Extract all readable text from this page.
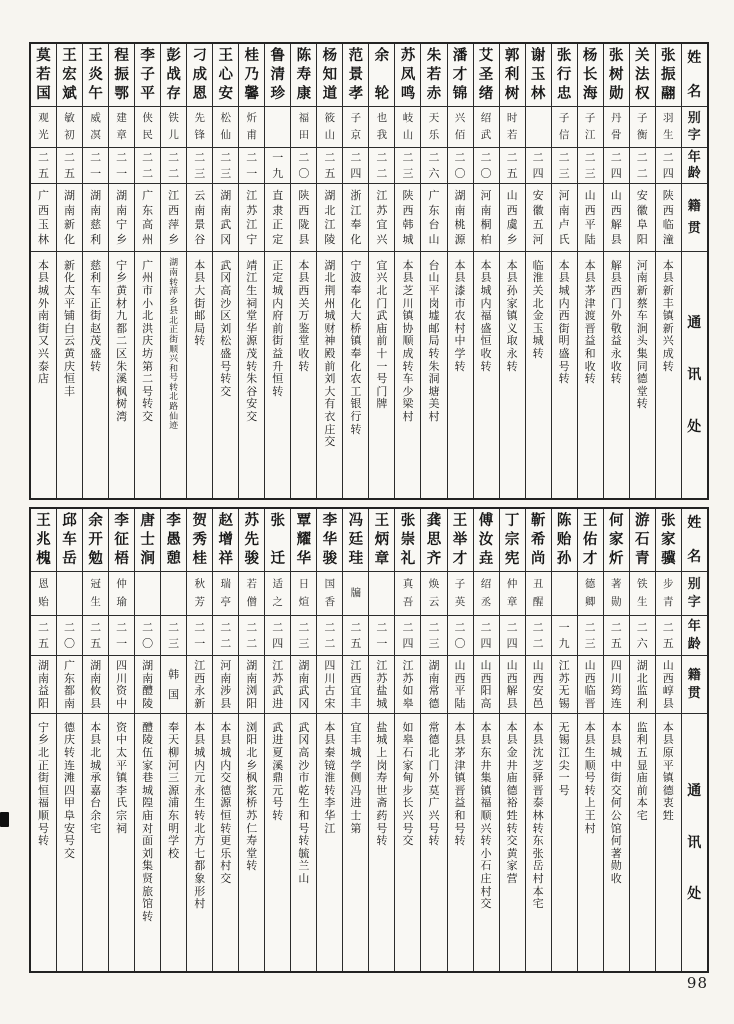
莫
若
国
观
光
二
五
广
西
玉
林
本
县
城
外
南
街
又
兴
泰
店
王
宏
斌
敏
初
二
五
湖
南
新
化
新
化
太
平
铺
白
云
黄
庆
恒
丰
王
炎
午
威
凕
二
一
湖
南
慈
利
慈
利
车
正
街
赵
茂
盛
转
程
振
鄂
建
章
二
一
湖
南
宁
乡
宁
乡
黄
材
九
都
二
区
朱
溪
枫
树
湾
李
子
平
侠
民
二
二
广
东
高
州
广
州
市
小
北
洪
庆
坊
第
二
号
转
交
彭
战
存
铁
儿
二
二
江
西
萍
乡
湖
南
转
萍
乡
县
北
正
街
顺
兴
和
号
转
北
路
仙
迹
刁
成
恩
先
锋
二
三
云
南
景
谷
本
县
大
街
邮
局
转
王
心
安
松
仙
二
三
湖
南
武
冈
武
冈
高
沙
区
刘
松
盛
号
转
交
桂
乃
馨
炘
甫
二
一
江
苏
江
宁
靖
江
生
祠
堂
华
源
茂
转
朱
谷
安
交
鲁
清
珍
一
九
直
隶
正
定
正
定
城
内
府
前
街
益
升
恒
转
陈
寿
康
福
田
二
〇
陕
西
陇
县
本
县
西
关
万
鉴
堂
收
转
杨
知
道
筱
山
二
五
湖
北
江
陵
湖
北
荆
州
城
财
神
殿
前
刘
大
有
衣
庄
交
范
景
孝
子
京
二
四
浙
江
奉
化
宁
波
奉
化
大
桥
镇
奉
化
农
工
银
行
转
余
轮
也
我
二
二
江
苏
宜
兴
宜
兴
北
门
武
庙
前
十
一
号
门
牌
苏
凤
鸣
岐
山
二
三
陕
西
韩
城
本
县
芝
川
镇
协
顺
成
转
车
少
梁
村
朱
若
赤
天
乐
二
六
广
东
台
山
台
山
平
岗
墟
邮
局
转
朱
洞
塘
美
村
潘
才
锦
兴
佰
二
〇
湖
南
桃
源
本
县
漆
市
农
村
中
学
转
艾
圣
绪
绍
武
二
〇
河
南
桐
柏
本
县
城
内
福
盛
恒
收
转
郭
利
树
时
若
二
五
山
西
虞
乡
本
县
孙
家
镇
义
取
永
转
谢
玉
林
二
四
安
徽
五
河
临
淮
关
北
金
玉
城
转
张
行
忠
子
信
二
三
河
南
卢
氏
本
县
城
内
西
街
明
盛
号
转
杨
长
海
子
江
二
三
山
西
平
陆
本
县
茅
津
渡
晋
益
和
收
转
张
树
勋
丹
骨
二
四
山
西
解
县
解
县
西
门
外
敬
益
永
收
转
关
法
权
子
衡
二
二
安
徽
阜
阳
河
南
新
蔡
车
涧
头
集
同
德
堂
转
张
振
翮
羽
生
二
四
陕
西
临
潼
本
县
新
丰
镇
新
兴
成
转
姓
名
别
字
年
龄
籍
贯
通
讯
处
王
兆
槐
恩
贻
二
五
湖
南
益
阳
宁
乡
北
正
街
恒
福
顺
号
转
邱
车
岳
二
〇
广
东
都
南
德
庆
转
连
滩
四
甲
阜
安
号
交
余
开
勉
冠
生
二
五
湖
南
攸
县
本
县
北
城
承
嘉
台
余
宅
李
征
梧
仲
瑜
二
一
四
川
资
中
资
中
太
平
镇
李
氏
宗
祠
唐
士
涧
二
〇
湖
南
醴
陵
醴
陵
伍
家
巷
城
隍
庙
对
面
刘
集
贤
旅
馆
转
李
愚
憩
二
三
韩
国
奉
天
柳
河
三
源
浦
东
明
学
校
贺
秀
桂
秋
芳
二
一
江
西
永
新
本
县
城
内
元
永
生
转
北
方
七
都
象
形
村
赵
增
祥
瑞
亭
二
二
河
南
涉
县
本
县
城
内
交
德
源
恒
转
更
乐
村
交
苏
先
骏
若
僧
二
二
湖
南
浏
阳
浏
阳
北
乡
枫
浆
桥
苏
仁
寿
堂
转
张
迁
适
之
二
四
江
苏
武
进
武
进
夏
溪
鼎
元
号
转
覃
耀
华
日
煊
二
三
湖
南
武
冈
武
冈
高
沙
市
乾
生
和
号
转
毓
兰
山
李
华
骏
国
香
二
二
四
川
古
宋
本
县
秦
镜
淮
转
李
华
江
冯
廷
珪
牖
二
五
江
西
宜
丰
宜
丰
城
学
侧
冯
进
士
第
王
炳
章
二
一
江
苏
盐
城
盐
城
上
岗
寿
世
斋
药
号
转
张
崇
礼
真
吾
二
四
江
苏
如
皋
如
皋
石
家
甸
步
长
兴
号
交
龚
思
齐
焕
云
二
三
湖
南
常
德
常
德
北
门
外
莫
广
兴
号
转
王
举
才
子
英
二
〇
山
西
平
陆
本
县
茅
津
镇
晋
益
和
号
转
傅
汝
垚
绍
丞
二
四
山
西
阳
高
本
县
东
井
集
镇
福
顺
兴
转
小
石
庄
村
交
丁
宗
宪
仲
章
二
四
山
西
解
县
本
县
金
井
庙
德
裕
甡
转
交
黄
家
营
靳
希
尚
丑
醒
二
二
山
西
安
邑
本
县
沈
芝
驿
晋
泰
林
转
东
张
岳
村
本
宅
陈
贻
孙
一
九
江
苏
无
锡
无
锡
江
尖
一
号
王
佑
才
德
卿
二
三
山
西
临
晋
本
县
生
顺
号
转
上
王
村
何
家
炘
著
勋
二
五
四
川
筠
连
本
县
城
中
街
交
何
公
馆
何
著
勋
收
游
石
青
铁
生
二
六
湖
北
监
利
监
利
五
显
庙
前
本
宅
张
家
骥
步
青
二
五
山
西
崞
县
本
县
原
平
镇
德
衷
甡
姓
名
别
字
年
龄
籍
贯
通
讯
处
98
